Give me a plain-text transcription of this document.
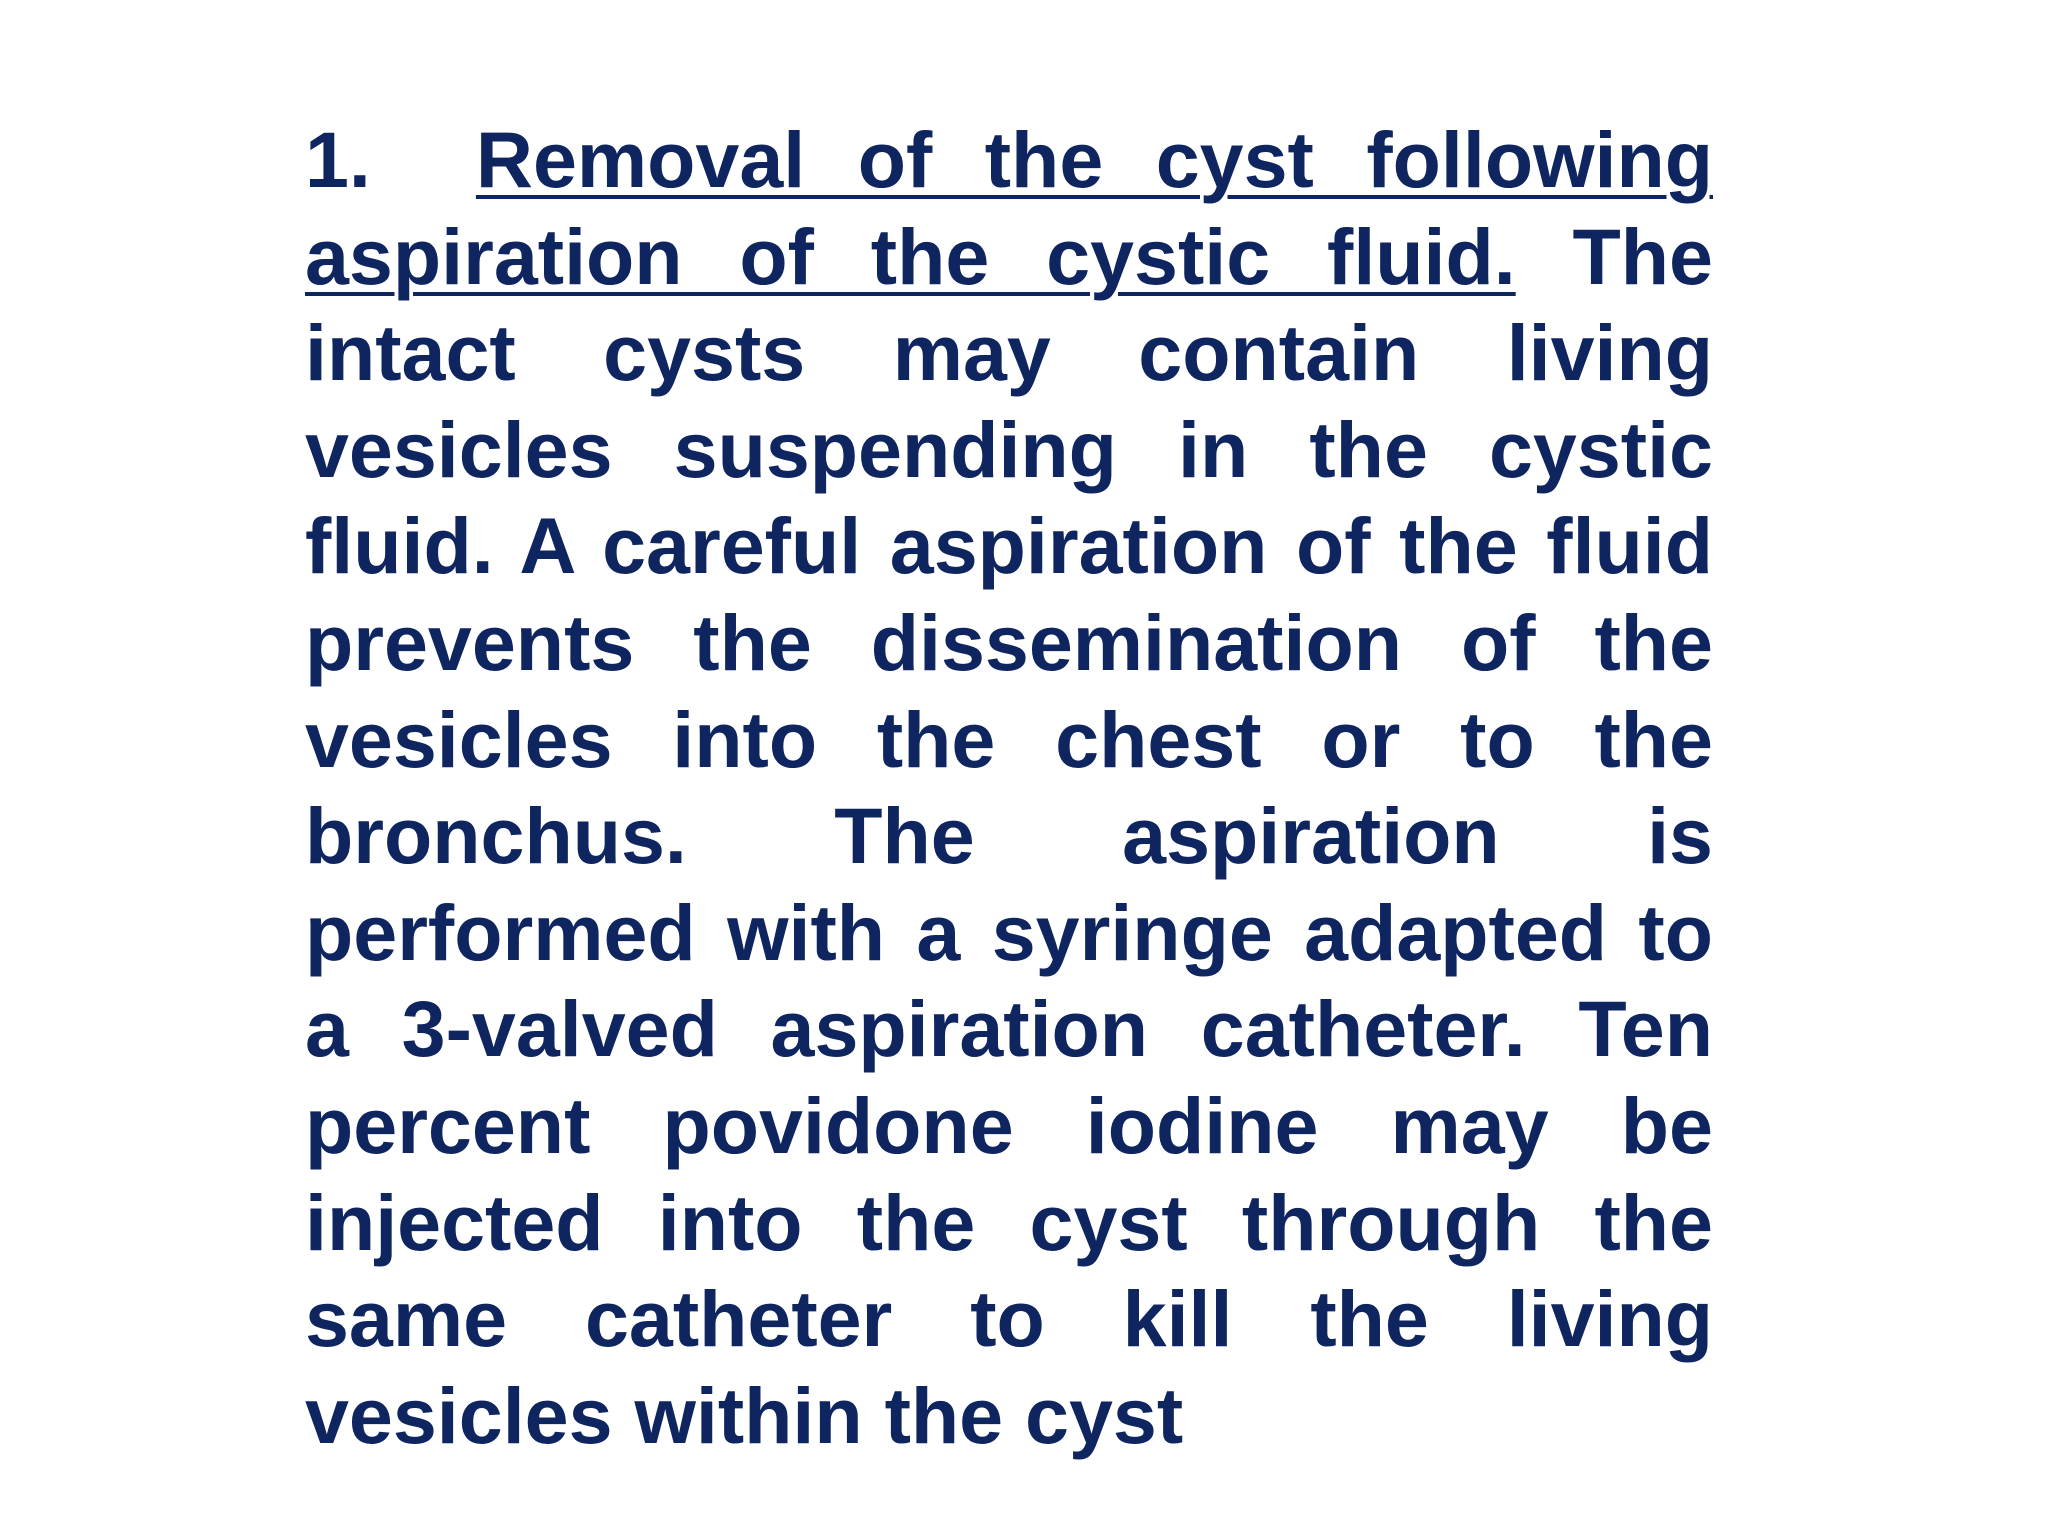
1. Removal of the cyst following aspiration of the cystic fluid. The intact cysts may contain living vesicles suspending in the cystic fluid. A careful aspiration of the fluid prevents the dissemination of the vesicles into the chest or to the bronchus. The aspiration is performed with a syringe adapted to a 3-valved aspiration catheter. Ten percent povidone iodine may be injected into the cyst through the same catheter to kill the living vesicles within the cyst
